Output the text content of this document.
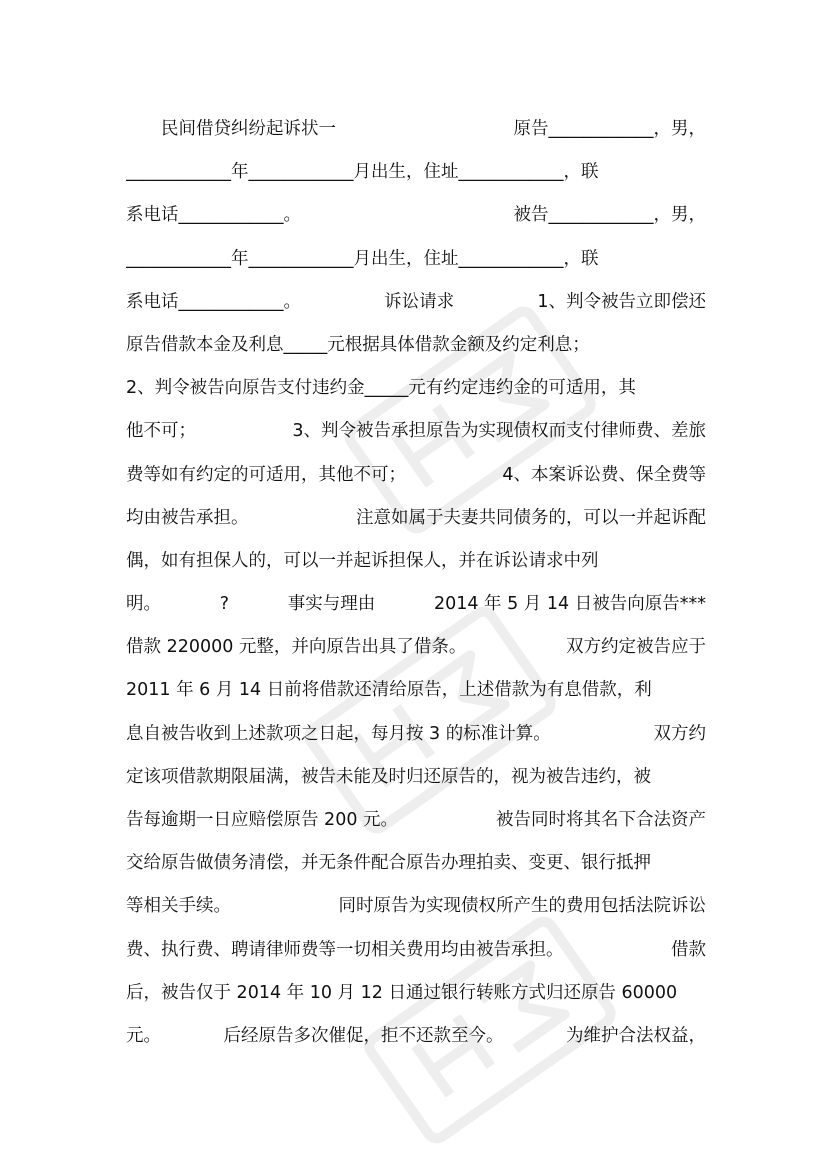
　　民间借贷纠纷起诉状一	原告____________，男，
____________年____________月出生，住址____________，联
系电话____________。	被告____________，男，
____________年____________月出生，住址____________，联
系电话____________。	诉讼请求	1、判令被告立即偿还
原告借款本金及利息_____元根据具体借款金额及约定利息；
2、判令被告向原告支付违约金_____元有约定违约金的可适用，其
他不可；	3、判令被告承担原告为实现债权而支付律师费、差旅
费等如有约定的可适用，其他不可；	4、本案诉讼费、保全费等
均由被告承担。	注意如属于夫妻共同债务的，可以一并起诉配
偶，如有担保人的，可以一并起诉担保人，并在诉讼请求中列
明。	?	事实与理由	2014 年 5 月 14 日被告向原告***
借款 220000 元整，并向原告出具了借条。	双方约定被告应于
2011 年 6 月 14 日前将借款还清给原告，上述借款为有息借款，利
息自被告收到上述款项之日起，每月按 3 的标准计算。	双方约
定该项借款期限届满，被告未能及时归还原告的，视为被告违约，被
告每逾期一日应赔偿原告 200 元。	被告同时将其名下合法资产
交给原告做债务清偿，并无条件配合原告办理拍卖、变更、银行抵押
等相关手续。	同时原告为实现债权所产生的费用包括法院诉讼
费、执行费、聘请律师费等一切相关费用均由被告承担。	借款
后，被告仅于 2014 年 10 月 12 日通过银行转账方式归还原告 60000
元。	后经原告多次催促，拒不还款至今。	为维护合法权益，
